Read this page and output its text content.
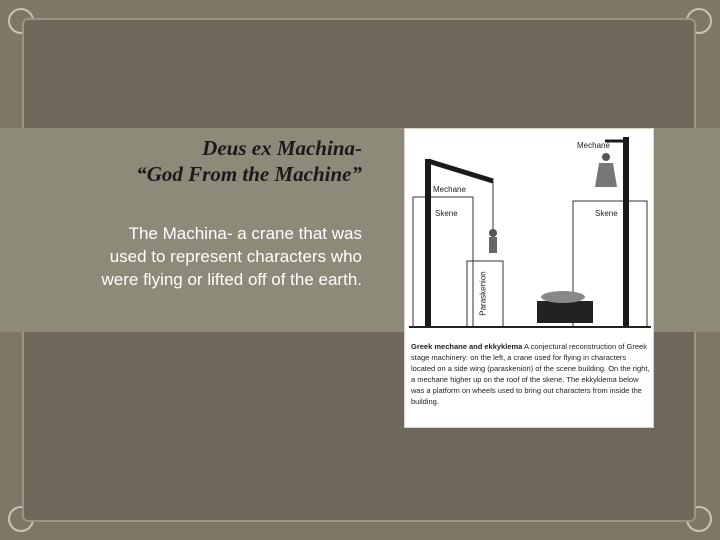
Deus ex Machina-
“God From the Machine”
The Machina- a crane that was used to represent characters who were flying or lifted off of the earth.
Mechane
Mechane
Skene	Skene
Paraskenion
Greek mechane and ekkyklema A conjectural reconstruction of Greek stage machinery: on the left, a crane used for flying in characters located on a side wing (paraskenion) of the scene building. On the right, a mechane higher up on the roof of the skene. The ekkyklema below was a platform on wheels used to bring out characters from inside the building.
